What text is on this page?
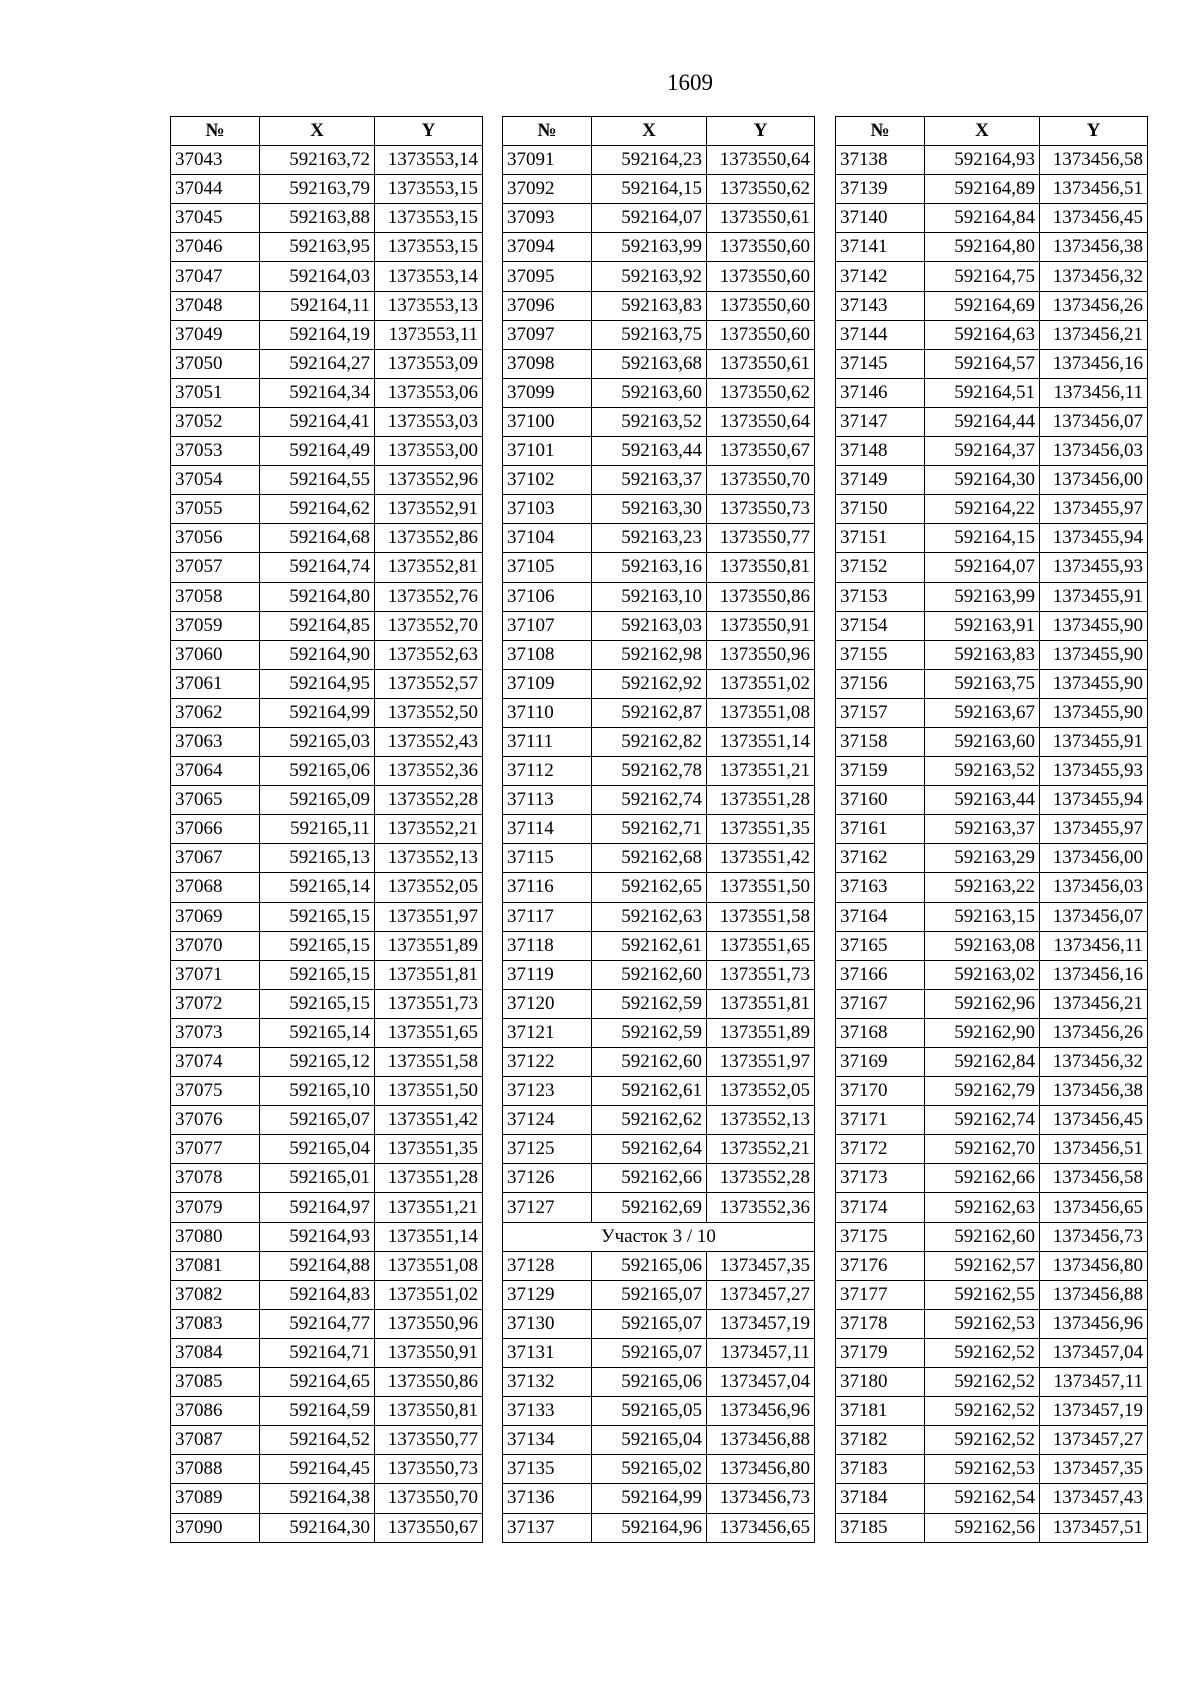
1609
№	X	Y
37043	592163,72	1373553,14
37044	592163,79	1373553,15
37045	592163,88	1373553,15
37046	592163,95	1373553,15
37047	592164,03	1373553,14
37048	592164,11	1373553,13
37049	592164,19	1373553,11
37050	592164,27	1373553,09
37051	592164,34	1373553,06
37052	592164,41	1373553,03
37053	592164,49	1373553,00
37054	592164,55	1373552,96
37055	592164,62	1373552,91
37056	592164,68	1373552,86
37057	592164,74	1373552,81
37058	592164,80	1373552,76
37059	592164,85	1373552,70
37060	592164,90	1373552,63
37061	592164,95	1373552,57
37062	592164,99	1373552,50
37063	592165,03	1373552,43
37064	592165,06	1373552,36
37065	592165,09	1373552,28
37066	592165,11	1373552,21
37067	592165,13	1373552,13
37068	592165,14	1373552,05
37069	592165,15	1373551,97
37070	592165,15	1373551,89
37071	592165,15	1373551,81
37072	592165,15	1373551,73
37073	592165,14	1373551,65
37074	592165,12	1373551,58
37075	592165,10	1373551,50
37076	592165,07	1373551,42
37077	592165,04	1373551,35
37078	592165,01	1373551,28
37079	592164,97	1373551,21
37080	592164,93	1373551,14
37081	592164,88	1373551,08
37082	592164,83	1373551,02
37083	592164,77	1373550,96
37084	592164,71	1373550,91
37085	592164,65	1373550,86
37086	592164,59	1373550,81
37087	592164,52	1373550,77
37088	592164,45	1373550,73
37089	592164,38	1373550,70
37090	592164,30	1373550,67
№	X	Y
37091	592164,23	1373550,64
37092	592164,15	1373550,62
37093	592164,07	1373550,61
37094	592163,99	1373550,60
37095	592163,92	1373550,60
37096	592163,83	1373550,60
37097	592163,75	1373550,60
37098	592163,68	1373550,61
37099	592163,60	1373550,62
37100	592163,52	1373550,64
37101	592163,44	1373550,67
37102	592163,37	1373550,70
37103	592163,30	1373550,73
37104	592163,23	1373550,77
37105	592163,16	1373550,81
37106	592163,10	1373550,86
37107	592163,03	1373550,91
37108	592162,98	1373550,96
37109	592162,92	1373551,02
37110	592162,87	1373551,08
37111	592162,82	1373551,14
37112	592162,78	1373551,21
37113	592162,74	1373551,28
37114	592162,71	1373551,35
37115	592162,68	1373551,42
37116	592162,65	1373551,50
37117	592162,63	1373551,58
37118	592162,61	1373551,65
37119	592162,60	1373551,73
37120	592162,59	1373551,81
37121	592162,59	1373551,89
37122	592162,60	1373551,97
37123	592162,61	1373552,05
37124	592162,62	1373552,13
37125	592162,64	1373552,21
37126	592162,66	1373552,28
37127	592162,69	1373552,36
Участок 3 / 10		
37128	592165,06	1373457,35
37129	592165,07	1373457,27
37130	592165,07	1373457,19
37131	592165,07	1373457,11
37132	592165,06	1373457,04
37133	592165,05	1373456,96
37134	592165,04	1373456,88
37135	592165,02	1373456,80
37136	592164,99	1373456,73
37137	592164,96	1373456,65
№	X	Y
37138	592164,93	1373456,58
37139	592164,89	1373456,51
37140	592164,84	1373456,45
37141	592164,80	1373456,38
37142	592164,75	1373456,32
37143	592164,69	1373456,26
37144	592164,63	1373456,21
37145	592164,57	1373456,16
37146	592164,51	1373456,11
37147	592164,44	1373456,07
37148	592164,37	1373456,03
37149	592164,30	1373456,00
37150	592164,22	1373455,97
37151	592164,15	1373455,94
37152	592164,07	1373455,93
37153	592163,99	1373455,91
37154	592163,91	1373455,90
37155	592163,83	1373455,90
37156	592163,75	1373455,90
37157	592163,67	1373455,90
37158	592163,60	1373455,91
37159	592163,52	1373455,93
37160	592163,44	1373455,94
37161	592163,37	1373455,97
37162	592163,29	1373456,00
37163	592163,22	1373456,03
37164	592163,15	1373456,07
37165	592163,08	1373456,11
37166	592163,02	1373456,16
37167	592162,96	1373456,21
37168	592162,90	1373456,26
37169	592162,84	1373456,32
37170	592162,79	1373456,38
37171	592162,74	1373456,45
37172	592162,70	1373456,51
37173	592162,66	1373456,58
37174	592162,63	1373456,65
37175	592162,60	1373456,73
37176	592162,57	1373456,80
37177	592162,55	1373456,88
37178	592162,53	1373456,96
37179	592162,52	1373457,04
37180	592162,52	1373457,11
37181	592162,52	1373457,19
37182	592162,52	1373457,27
37183	592162,53	1373457,35
37184	592162,54	1373457,43
37185	592162,56	1373457,51
